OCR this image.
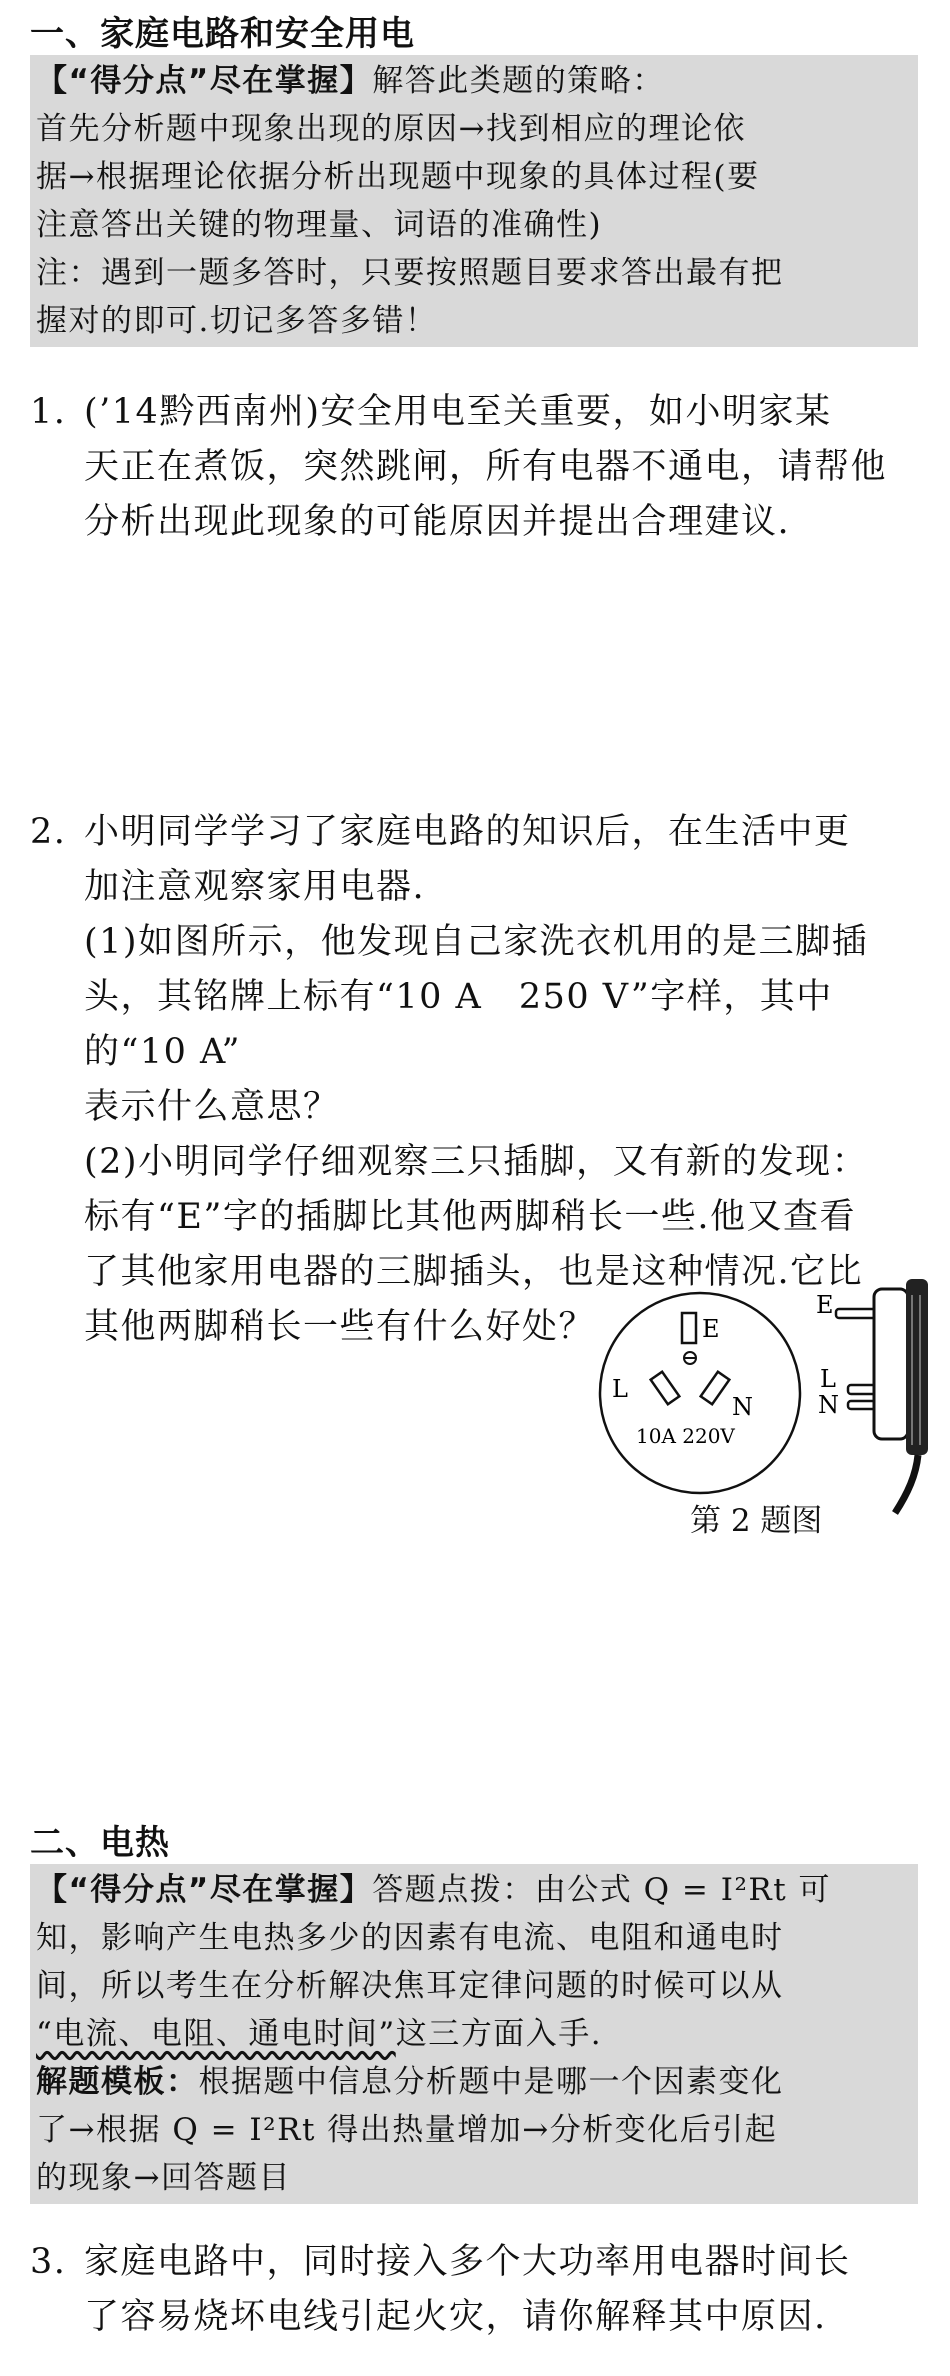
一、家庭电路和安全用电

【“得分点”尽在掌握】解答此类题的策略：

首先分析题中现象出现的原因→找到相应的理论依

据→根据理论依据分析出现题中现象的具体过程(要

注意答出关键的物理量、词语的准确性)

注：遇到一题多答时，只要按照题目要求答出最有把

握对的即可.切记多答多错！

1. (’14黔西南州)安全用电至关重要，如小明家某

天正在煮饭，突然跳闸，所有电器不通电，请帮他

分析出现此现象的可能原因并提出合理建议.

2. 小明同学学习了家庭电路的知识后，在生活中更

加注意观察家用电器.

(1)如图所示，他发现自己家洗衣机用的是三脚插

头，其铭牌上标有“10 A　250 V”字样，其中的“10 A”

表示什么意思？

(2)小明同学仔细观察三只插脚，又有新的发现：

标有“E”字的插脚比其他两脚稍长一些.他又查看

了其他家用电器的三脚插头，也是这种情况.它比

其他两脚稍长一些有什么好处？	E
L
N
10A 220V
E
L
N
第 2 题图
二、电热

【“得分点”尽在掌握】答题点拨：由公式 Q = I²Rt 可

知，影响产生电热多少的因素有电流、电阻和通电时

间，所以考生在分析解决焦耳定律问题的时候可以从

“电流、电阻、通电时间”这三方面入手.

解题模板：根据题中信息分析题中是哪一个因素变化

了→根据 Q = I²Rt 得出热量增加→分析变化后引起

的现象→回答题目

3. 家庭电路中，同时接入多个大功率用电器时间长

了容易烧坏电线引起火灾，请你解释其中原因.
